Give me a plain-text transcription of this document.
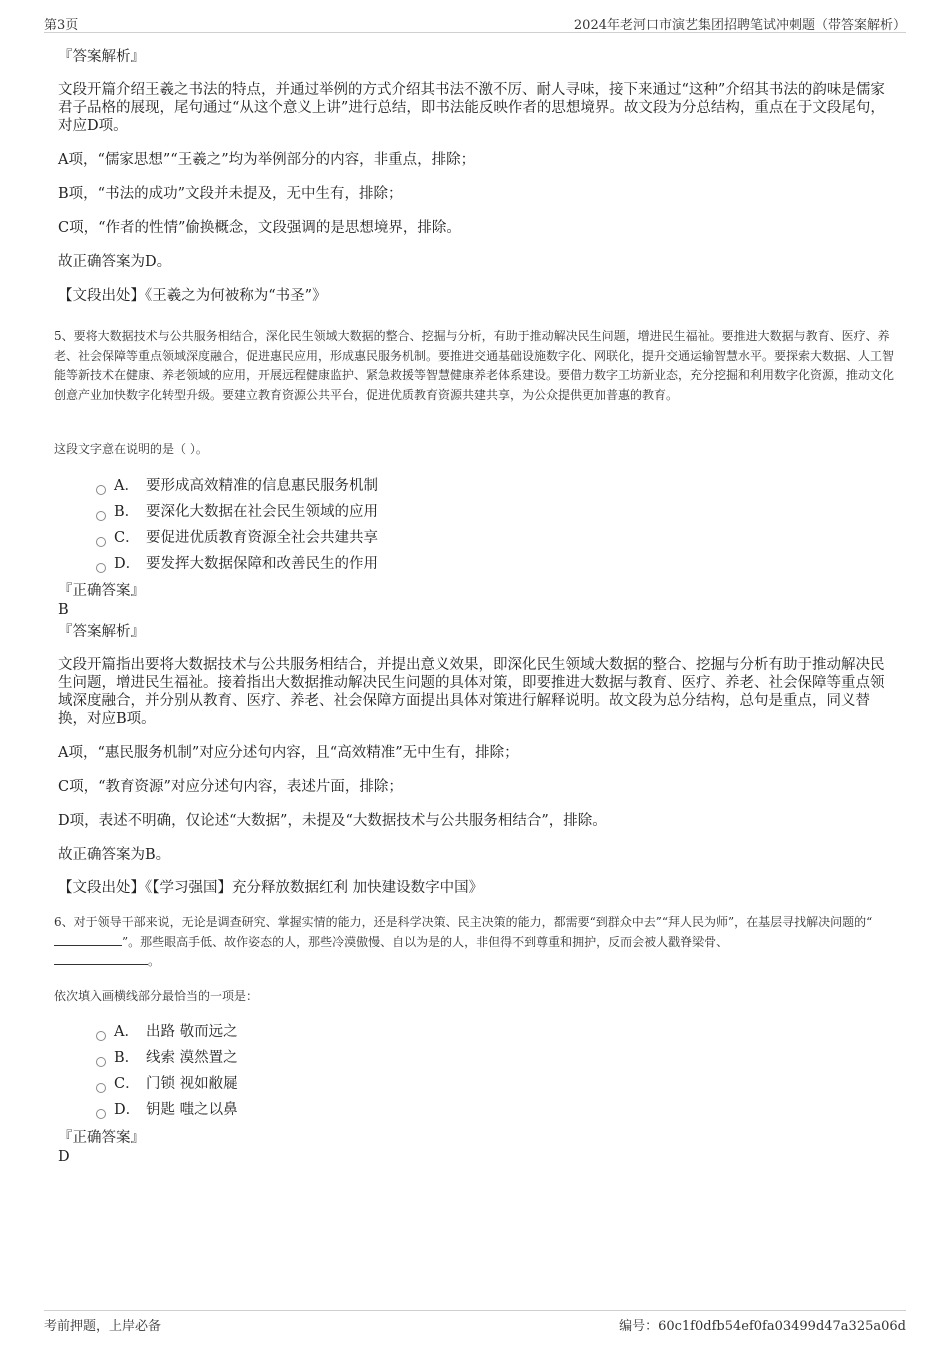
第3页	2024年老河口市演艺集团招聘笔试冲刺题（带答案解析）
『答案解析』
文段开篇介绍王羲之书法的特点，并通过举例的方式介绍其书法不激不厉、耐人寻味，接下来通过“这种”介绍其书法的韵味是儒家君子品格的展现，尾句通过“从这个意义上讲”进行总结，即书法能反映作者的思想境界。故文段为分总结构，重点在于文段尾句，对应D项。
A项，“儒家思想”“王羲之”均为举例部分的内容，非重点，排除；
B项，“书法的成功”文段并未提及，无中生有，排除；
C项，“作者的性情”偷换概念，文段强调的是思想境界，排除。
故正确答案为D。
【文段出处】《王羲之为何被称为“书圣”》
5、要将大数据技术与公共服务相结合，深化民生领域大数据的整合、挖掘与分析，有助于推动解决民生问题，增进民生福祉。要推进大数据与教育、医疗、养老、社会保障等重点领域深度融合，促进惠民应用，形成惠民服务机制。要推进交通基础设施数字化、网联化，提升交通运输智慧水平。要探索大数据、人工智能等新技术在健康、养老领域的应用，开展远程健康监护、紧急救援等智慧健康养老体系建设。要借力数字工坊新业态，充分挖掘和利用数字化资源，推动文化创意产业加快数字化转型升级。要建立教育资源公共平台，促进优质教育资源共建共享，为公众提供更加普惠的教育。
这段文字意在说明的是（ ）。
A． 要形成高效精准的信息惠民服务机制
B． 要深化大数据在社会民生领域的应用
C． 要促进优质教育资源全社会共建共享
D． 要发挥大数据保障和改善民生的作用
『正确答案』
B
『答案解析』
文段开篇指出要将大数据技术与公共服务相结合，并提出意义效果，即深化民生领域大数据的整合、挖掘与分析有助于推动解决民生问题，增进民生福祉。接着指出大数据推动解决民生问题的具体对策，即要推进大数据与教育、医疗、养老、社会保障等重点领域深度融合，并分别从教育、医疗、养老、社会保障方面提出具体对策进行解释说明。故文段为总分结构，总句是重点，同义替换，对应B项。
A项，“惠民服务机制”对应分述句内容，且“高效精准”无中生有，排除；
C项，“教育资源”对应分述句内容，表述片面，排除；
D项，表述不明确，仅论述“大数据”，未提及“大数据技术与公共服务相结合”，排除。
故正确答案为B。
【文段出处】《【学习强国】充分释放数据红利 加快建设数字中国》
6、对于领导干部来说，无论是调查研究、掌握实情的能力，还是科学决策、民主决策的能力，都需要“到群众中去”“拜人民为师”，在基层寻找解决问题的“”。那些眼高手低、故作姿态的人，那些冷漠傲慢、自以为是的人，非但得不到尊重和拥护，反而会被人戳脊梁骨、
。
依次填入画横线部分最恰当的一项是：
A． 出路 敬而远之
B． 线索 漠然置之
C． 门锁 视如敝屣
D． 钥匙 嗤之以鼻
『正确答案』
D
考前押题，上岸必备	编号：60c1f0dfb54ef0fa03499d47a325a06d
